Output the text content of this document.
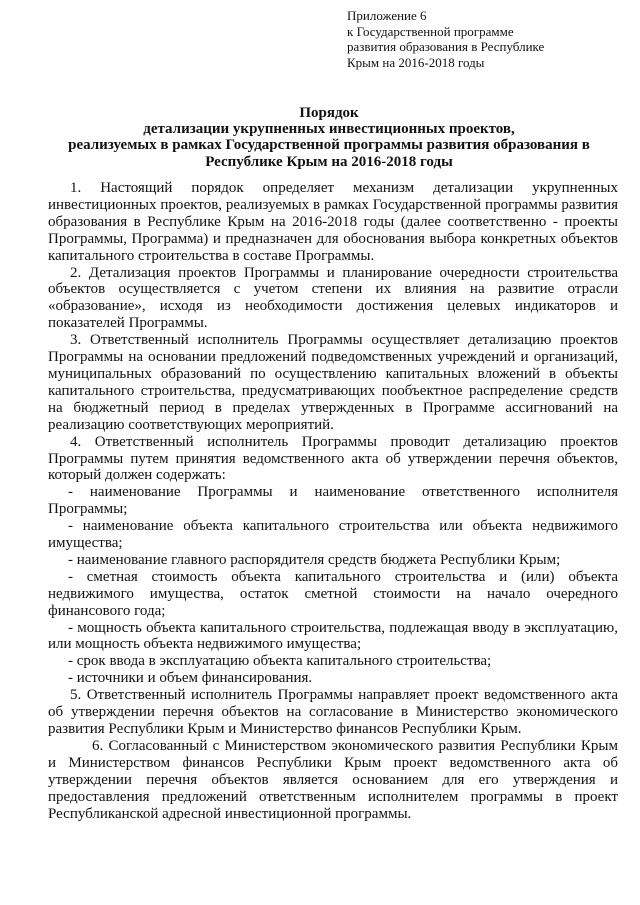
Приложение 6
к Государственной программе
развития образования в Республике
Крым на 2016-2018 годы
Порядок
детализации укрупненных инвестиционных проектов,
реализуемых в рамках Государственной программы развития образования в
Республике Крым на 2016-2018 годы

1. Настоящий порядок определяет механизм детализации укрупненных инвестиционных проектов, реализуемых в рамках Государственной программы развития образования в Республике Крым на 2016-2018 годы (далее соответственно - проекты Программы, Программа) и предназначен для обоснования выбора конкретных объектов капитального строительства в составе Программы.

2. Детализация проектов Программы и планирование очередности строительства объектов осуществляется с учетом степени их влияния на развитие отрасли «образование», исходя из необходимости достижения целевых индикаторов и показателей Программы.

3. Ответственный исполнитель Программы осуществляет детализацию проектов Программы на основании предложений подведомственных учреждений и организаций, муниципальных образований по осуществлению капитальных вложений в объекты капитального строительства, предусматривающих пообъектное распределение средств на бюджетный период в пределах утвержденных в Программе ассигнований на реализацию соответствующих мероприятий.

4. Ответственный исполнитель Программы проводит детализацию проектов Программы путем принятия ведомственного акта об утверждении перечня объектов, который должен содержать:

- наименование Программы и наименование ответственного исполнителя Программы;

- наименование объекта капитального строительства или объекта недвижимого имущества;

- наименование главного распорядителя средств бюджета Республики Крым;

- сметная стоимость объекта капитального строительства и (или) объекта недвижимого имущества, остаток сметной стоимости на начало очередного финансового года;

- мощность объекта капитального строительства, подлежащая вводу в эксплуатацию, или мощность объекта недвижимого имущества;

- срок ввода в эксплуатацию объекта капитального строительства;

- источники и объем финансирования.

5. Ответственный исполнитель Программы направляет проект ведомственного акта об утверждении перечня объектов на согласование в Министерство экономического развития Республики Крым и Министерство финансов Республики Крым.

6. Согласованный с Министерством экономического развития Республики Крым и Министерством финансов Республики Крым проект ведомственного акта об утверждении перечня объектов является основанием для его утверждения и предоставления предложений ответственным исполнителем программы в проект Республиканской адресной инвестиционной программы.
